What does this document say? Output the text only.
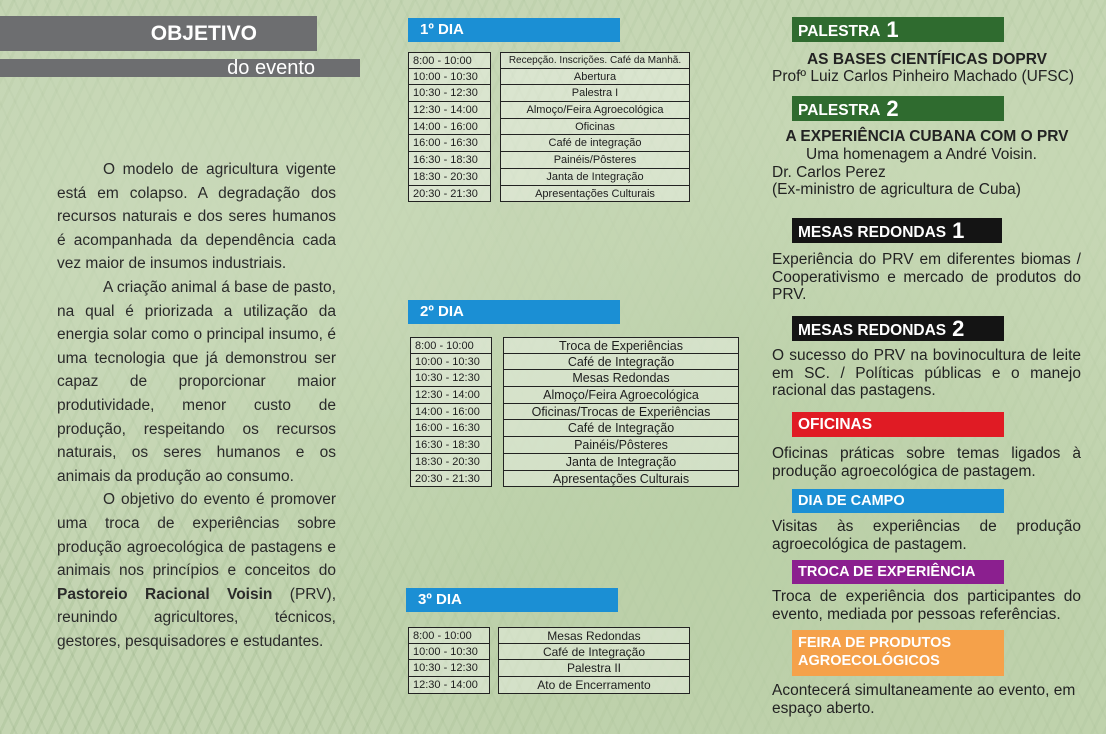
OBJETIVO
do evento

O modelo de agricultura vigente está em colapso. A degradação dos recursos naturais e dos seres humanos é acompanhada da dependência cada vez maior de insumos industriais.

A criação animal á base de pasto, na qual é priorizada a utilização da energia solar como o principal insumo, é uma tecnologia que já demonstrou ser capaz de proporcionar maior produtividade, menor custo de produção, respeitando os recursos naturais, os seres humanos e os animais da produção ao consumo.

O objetivo do evento é promover uma troca de experiências sobre produção agroecológica de pastagens e animais nos princípios e conceitos do Pastoreio Racional Voisin (PRV), reunindo agricultores, técnicos, gestores, pesquisadores e estudantes.

1º DIA
8:00 - 10:00
10:00 - 10:30
10:30 - 12:30
12:30 - 14:00
14:00 - 16:00
16:00 - 16:30
16:30 - 18:30
18:30 - 20:30
20:30 - 21:30
Recepção. Inscrições. Café da Manhã.
Abertura
Palestra I
Almoço/Feira Agroecológica
Oficinas
Café de integração
Painéis/Pôsteres
Janta de Integração
Apresentações Culturais
2º DIA
8:00 - 10:00
10:00 - 10:30
10:30 - 12:30
12:30 - 14:00
14:00 - 16:00
16:00 - 16:30
16:30 - 18:30
18:30 - 20:30
20:30 - 21:30
Troca de Experiências
Café de Integração
Mesas Redondas
Almoço/Feira Agroecológica
Oficinas/Trocas de Experiências
Café de Integração
Painéis/Pôsteres
Janta de Integração
Apresentações Culturais
3º DIA
8:00 - 10:00
10:00 - 10:30
10:30 - 12:30
12:30 - 14:00
Mesas Redondas
Café de Integração
Palestra II
Ato de Encerramento
PALESTRA 1
AS BASES CIENTÍFICAS DOPRV
Profº Luiz Carlos Pinheiro Machado (UFSC)
PALESTRA 2
A EXPERIÊNCIA CUBANA COM O PRV
Uma homenagem a André Voisin.
Dr. Carlos Perez
(Ex-ministro de agricultura de Cuba)
MESAS REDONDAS 1
Experiência do PRV em diferentes biomas / Cooperativismo e mercado de produtos do PRV.
MESAS REDONDAS 2
O sucesso do PRV na bovinocultura de leite em SC. / Políticas públicas e o manejo racional das pastagens.
OFICINAS
Oficinas práticas sobre temas ligados à produção agroecológica de pastagem.
DIA DE CAMPO
Visitas às experiências de produção agroecológica de pastagem.
TROCA DE EXPERIÊNCIA
Troca de experiência dos participantes do evento, mediada por pessoas referências.
FEIRA DE PRODUTOS
AGROECOLÓGICOS
Acontecerá simultaneamente ao evento, em espaço aberto.
